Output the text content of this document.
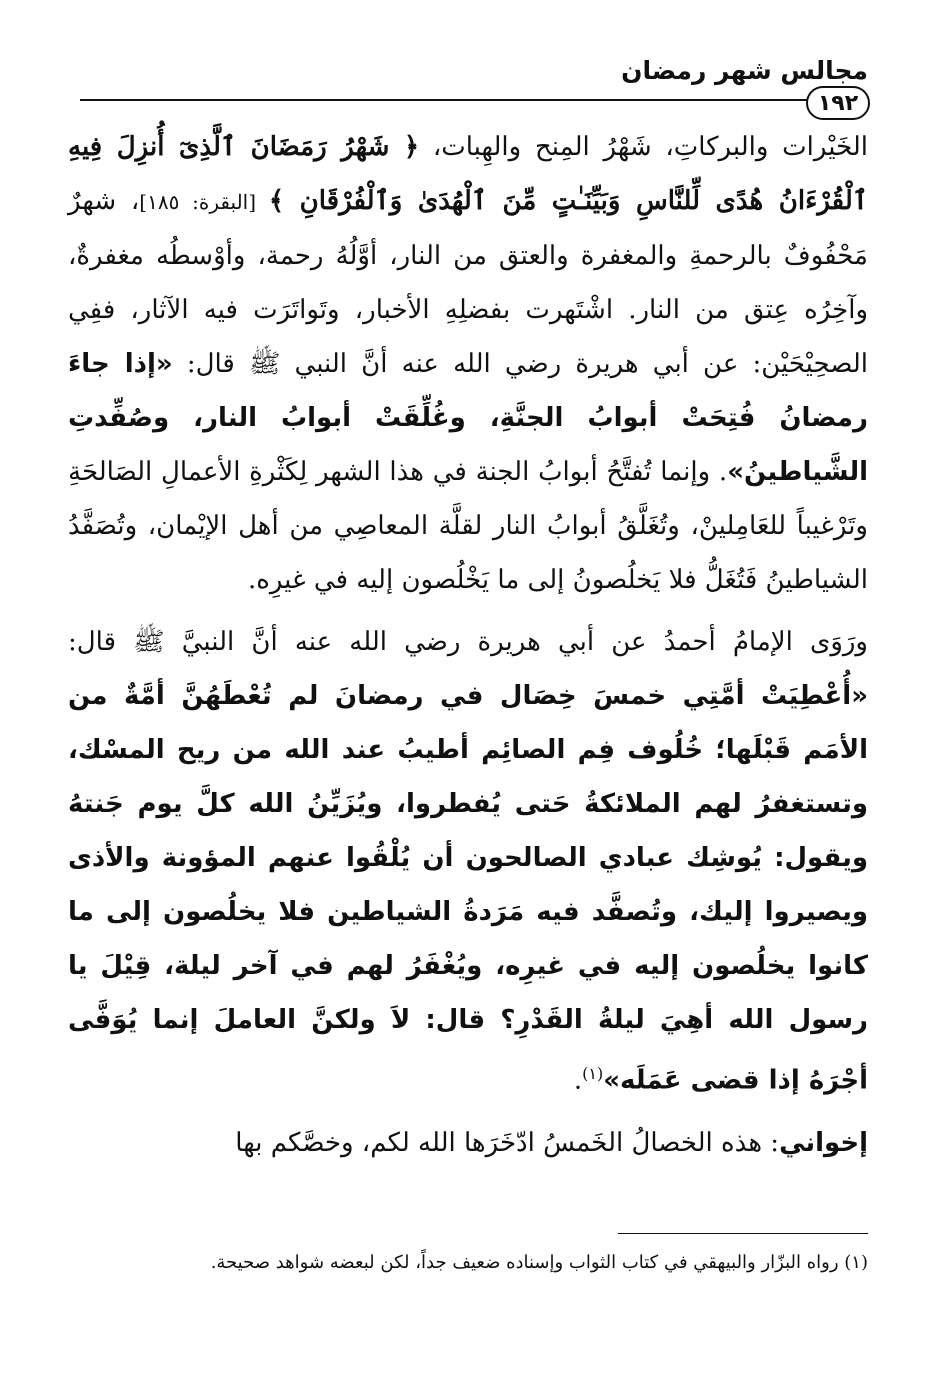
مجالس شهر رمضان
١٩٢

الخَيْرات والبركاتِ، شَهْرُ المِنح والهِبات، ﴿ شَهْرُ رَمَضَانَ ٱلَّذِىٓ أُنزِلَ فِيهِ ٱلْقُرْءَانُ هُدًى لِّلنَّاسِ وَبَيِّنَـٰتٍ مِّنَ ٱلْهُدَىٰ وَٱلْفُرْقَانِ ﴾ [البقرة: ١٨٥]، شهرٌ مَحْفُوفٌ بالرحمةِ والمغفرة والعتق من النار، أوَّلُهُ رحمة، وأوْسطُه مغفرةٌ، وآخِرُه عِتق من النار. اشْتَهرت بفضلِهِ الأخبار، وتَواتَرَت فيه الآثار، ففِي الصحِيْحَيْن: عن أبي هريرة رضي الله عنه أنَّ النبي ﷺ قال: «إذا جاءَ رمضانُ فُتِحَتْ أبوابُ الجنَّةِ، وغُلِّقَتْ أبوابُ النار، وصُفِّدتِ الشَّياطينُ». وإنما تُفتَّحُ أبوابُ الجنة في هذا الشهر لِكَثْرةِ الأعمالِ الصَالحَةِ وتَرْغيباً للعَامِلينْ، وتُغَلَّقُ أبوابُ النار لقلَّة المعاصِي من أهل الإيْمان، وتُصَفَّدُ الشياطينُ فَتُغَلُّ فلا يَخلُصونُ إلى ما يَخْلُصون إليه في غيرِه.

ورَوَى الإمامُ أحمدُ عن أبي هريرة رضي الله عنه أنَّ النبيَّ ﷺ قال: «أُعْطِيَتْ أمَّتِي خمسَ خِصَال في رمضانَ لم تُعْطَهُنَّ أمَّةٌ من الأمَم قَبْلَها؛ خُلُوف فِم الصائِم أطيبُ عند الله من ريح المسْك، وتستغفرُ لهم الملائكةُ حَتى يُفطروا، ويُزَيِّنُ الله كلَّ يوم جَنتهُ ويقول: يُوشِك عبادي الصالحون أن يُلْقُوا عنهم المؤونة والأذى ويصيروا إليك، وتُصفَّد فيه مَرَدةُ الشياطين فلا يخلُصون إلى ما كانوا يخلُصون إليه في غيرِه، ويُغْفَرُ لهم في آخر ليلة، قِيْلَ يا رسول الله أهِيَ ليلةُ القَدْرِ؟ قال: لاَ ولكنَّ العاملَ إنما يُوَفَّى أجْرَهُ إذا قضى عَمَلَه»$^{(١)}$.

إخواني: هذه الخصالُ الخَمسُ ادّخَرَها الله لكم، وخصَّكم بها

(١) رواه البزّار والبيهقي في كتاب الثواب وإسناده ضعيف جداً، لكن لبعضه شواهد صحيحة.
